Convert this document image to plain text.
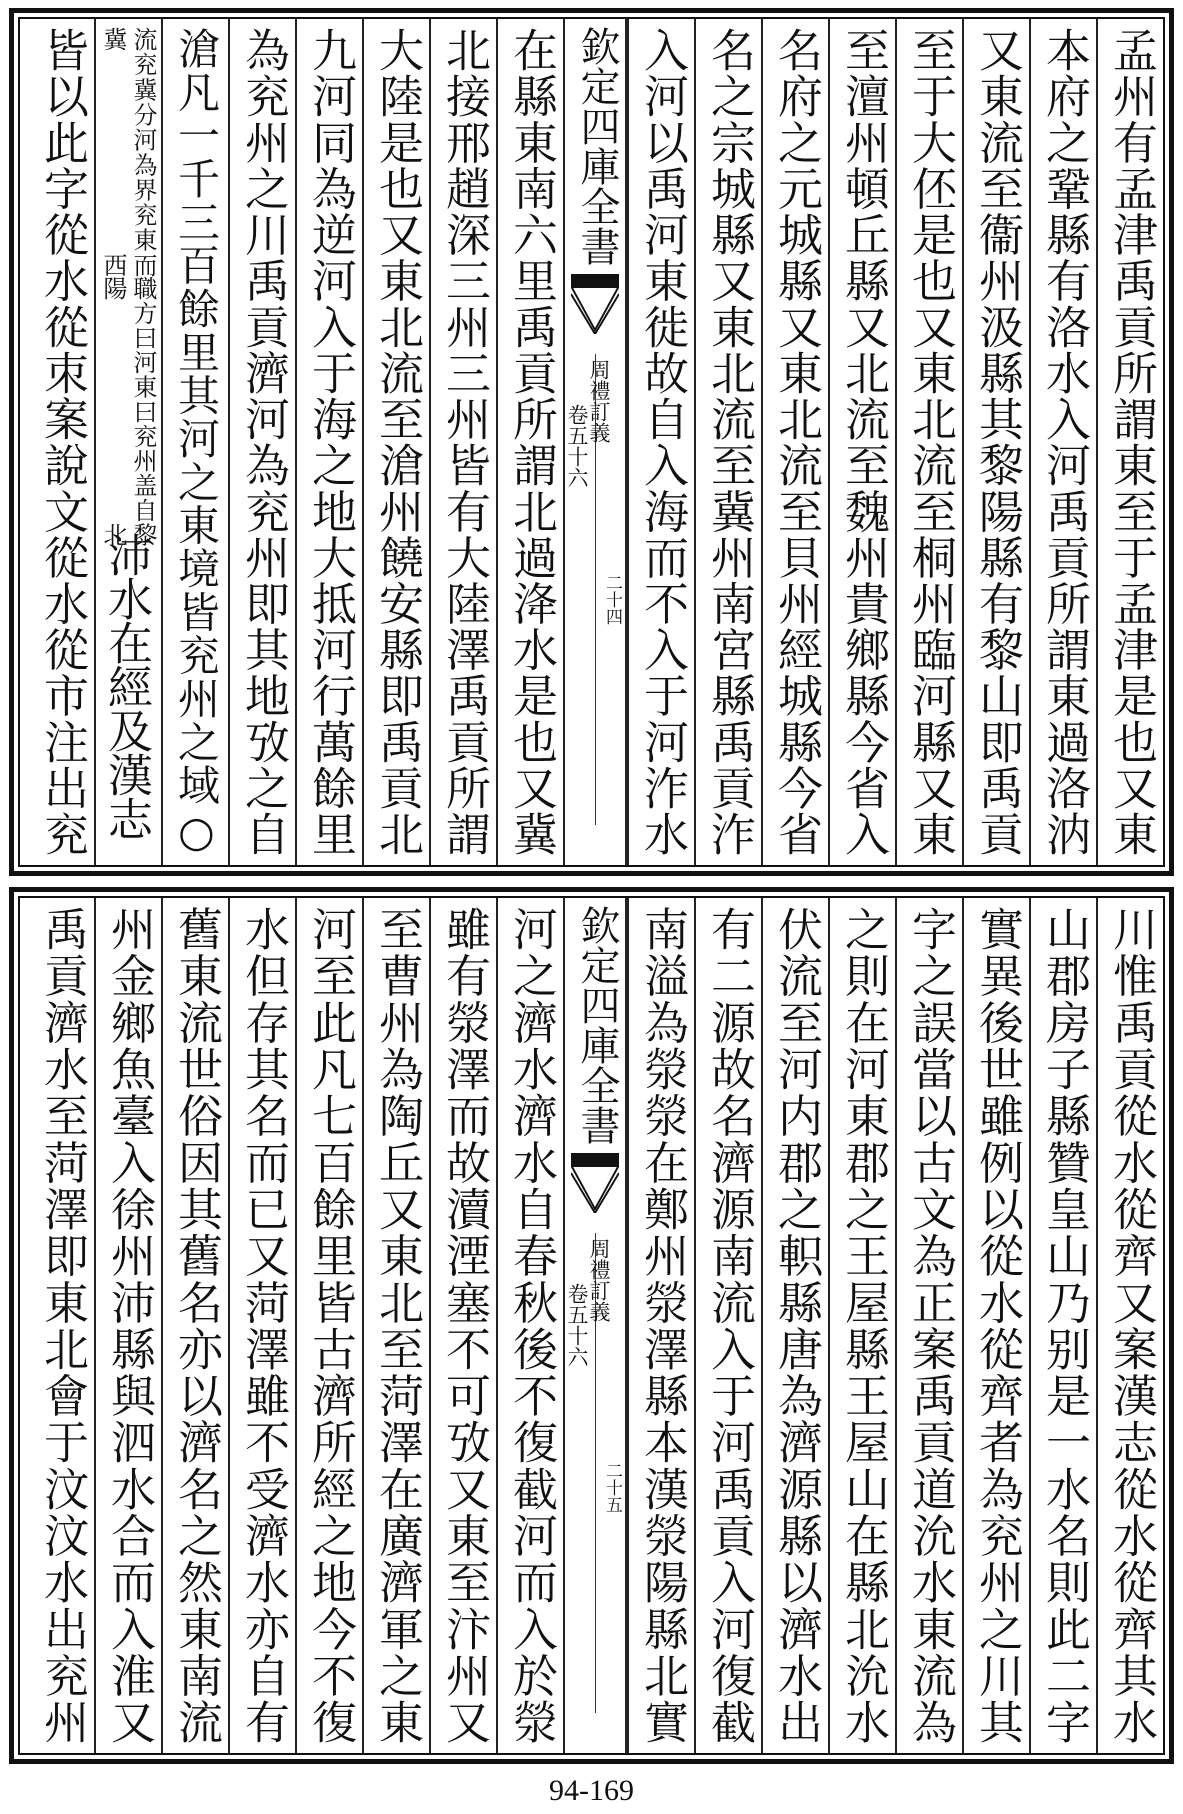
孟州有孟津禹貢所謂東至于孟津是也又東
本府之鞏縣有洛水入河禹貢所謂東過洛汭
又東流至衞州汲縣其黎陽縣有黎山即禹貢
至于大伾是也又東北流至桐州臨河縣又東
至澶州頓丘縣又北流至魏州貴鄉縣今省入
名府之元城縣又東北流至貝州經城縣今省
名之宗城縣又東北流至冀州南宮縣禹貢泎
入河以禹河東徙故自入海而不入于河泎水
欽定四庫全書
周禮訂義
卷五十六
二十四
在縣東南六里禹貢所謂北過洚水是也又冀
北接邢趙深三州三州皆有大陸澤禹貢所謂
大陸是也又東北流至滄州饒安縣即禹貢北
九河同為逆河入于海之地大抵河行萬餘里
為兖州之川禹貢濟河為兖州即其地攷之自
滄凡一千三百餘里其河之東境皆兖州之域○
職方曰河東曰兖州盖自黎陽北
流兖冀分河為界兖東而冀西
沛水在經及漢志
皆以此字從水從朿案說文從水從市注出兖
川惟禹貢從水從齊又案漢志從水從齊其水
山郡房子縣贊皇山乃别是一水名則此二字
實異後世雖例以從水從齊者為兖州之川其
字之誤當以古文為正案禹貢道沇水東流為
之則在河東郡之王屋縣王屋山在縣北沇水
伏流至河内郡之軹縣唐為濟源縣以濟水出
有二源故名濟源南流入于河禹貢入河復截
南溢為滎滎在鄭州滎澤縣本漢滎陽縣北實
欽定四庫全書
周禮訂義
卷五十六
二十五
河之濟水濟水自春秋後不復截河而入於滎
雖有滎澤而故瀆湮塞不可攷又東至汴州又
至曹州為陶丘又東北至菏澤在廣濟軍之東
河至此凡七百餘里皆古濟所經之地今不復
水但存其名而已又菏澤雖不受濟水亦自有
舊東流世俗因其舊名亦以濟名之然東南流
州金鄉魚臺入徐州沛縣與泗水合而入淮又
禹貢濟水至菏澤即東北會于汶汶水出兖州
94-169
